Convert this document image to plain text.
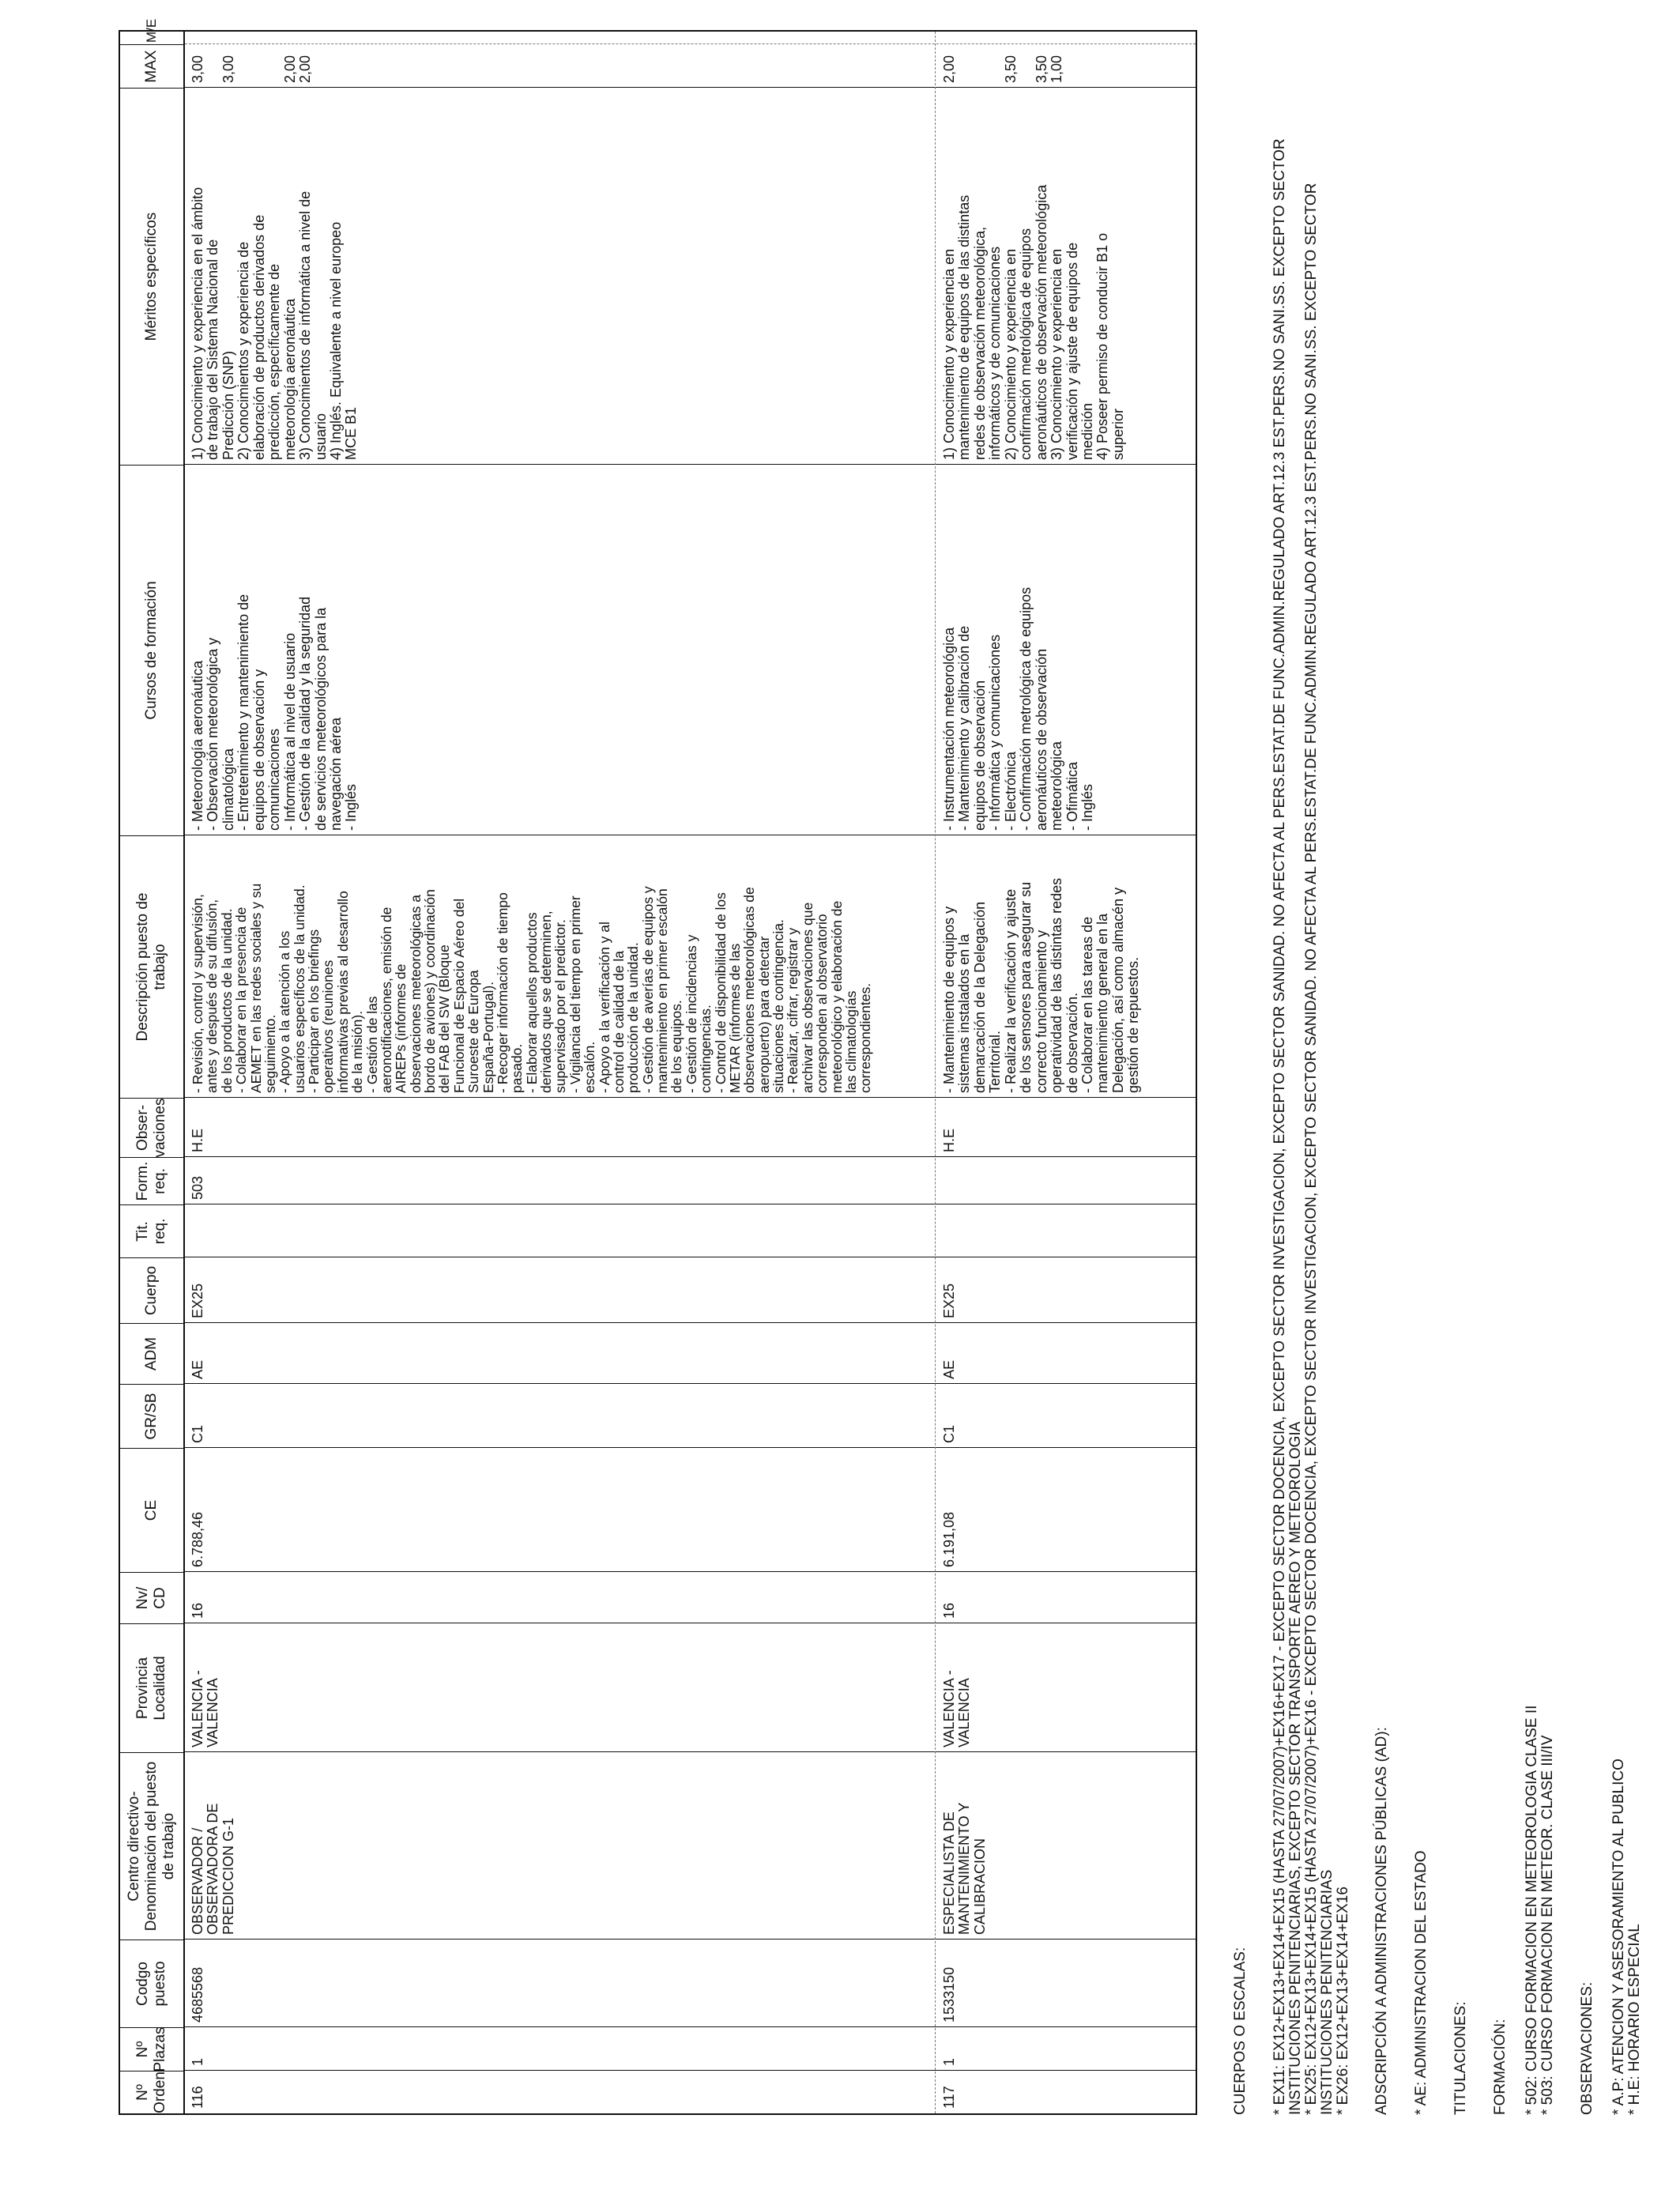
Nº
Orden
Nº
Plazas
Codgo
puesto
Centro directivo-
Denominación del puesto
de trabajo
Provincia
Localidad
Nv/
CD
CE
GR/SB
ADM
Cuerpo
Tit.
req.
Form.
req.
Obser-
vaciones
Descripción puesto de
trabajo
Cursos de formación
Méritos específicos
MAX
M/E
116
1
4685568
OBSERVADOR /
OBSERVADORA DE
PREDICCION G-1
VALENCIA -
VALENCIA
16
6.788,46
C1
AE
EX25
503
H.E
- Revisión, control y supervisión,
antes y después de su difusión,
de los productos de la unidad.
- Colaborar en la presencia de
AEMET en las redes sociales y su
seguimiento.
- Apoyo a la atención a los
usuarios específicos de la unidad.
- Participar en los briefings
operativos (reuniones
informativas previas al desarrollo
de la misión).
- Gestión de las
aeronotificaciones, emisión de
AIREPs (informes de
observaciones meteorológicas a
bordo de aviones) y coordinación
del FAB del SW (Bloque
Funcional de Espacio Aéreo del
Suroeste de Europa
España-Portugal).
- Recoger información de tiempo
pasado.
- Elaborar aquellos productos
derivados que se determinen,
supervisado por el predictor.
- Vigilancia del tiempo en primer
escalón.
- Apoyo a la verificación y al
control de calidad de la
producción de la unidad.
- Gestión de averías de equipos y
mantenimiento en primer escalón
de los equipos.
- Gestión de incidencias y
contingencias.
- Control de disponibilidad de los
METAR (informes de las
observaciones meteorológicas de
aeropuerto) para detectar
situaciones de contingencia.
- Realizar, cifrar, registrar y
archivar las observaciones que
corresponden al observatorio
meteorológico y elaboración de
las climatologías
correspondientes.
- Meteorología aeronáutica
- Observación meteorológica y
climatológica
- Entretenimiento y mantenimiento de
equipos de observación y
comunicaciones
- Informática al nivel de usuario
- Gestión de la calidad y la seguridad
de servicios meteorológicos para la
navegación aérea
- Inglés
1) Conocimiento y experiencia en el ámbito
de trabajo del Sistema Nacional de
Predicción (SNP)
2) Conocimientos y experiencia de
elaboración de productos derivados de
predicción, específicamente de
meteorología aeronáutica
3) Conocimientos de informática a nivel de
usuario
4) Inglés. Equivalente a nivel europeo
MCE B1
3,00

3,00

2,00
2,00
117
1
1533150
ESPECIALISTA DE
MANTENIMIENTO Y
CALIBRACION
VALENCIA -
VALENCIA
16
6.191,08
C1
AE
EX25
H.E
- Mantenimiento de equipos y
sistemas instalados en la
demarcación de la Delegación
Territorial.
- Realizar la verificación y ajuste
de los sensores para asegurar su
correcto funcionamiento y
operatividad de las distintas redes
de observación.
- Colaborar en las tareas de
mantenimiento general en la
Delegación, así como almacén y
gestión de repuestos.
- Instrumentación meteorológica
- Mantenimiento y calibración de
equipos de observación
- Informática y comunicaciones
- Electrónica
- Confirmación metrológica de equipos
aeronáuticos de observación
meteorológica
- Ofimática
- Inglés
1) Conocimiento y experiencia en
mantenimiento de equipos de las distintas
redes de observación meteorológica,
informáticos y de comunicaciones
2) Conocimiento y experiencia en
confirmación metrológica de equipos
aeronáuticos de observación meteorológica
3) Conocimiento y experiencia en
verificación y ajuste de equipos de
medición
4) Poseer permiso de conducir B1 o
superior
2,00

3,50

3,50
1,00

CUERPOS O ESCALAS: * EX11: EX12+EX13+EX14+EX15 (HASTA 27/07/2007)+EX16+EX17 - EXCEPTO SECTOR DOCENCIA, EXCEPTO SECTOR INVESTIGACION, EXCEPTO SECTOR SANIDAD. NO AFECTA AL PERS.ESTAT.DE FUNC.ADMIN.REGULADO ART.12.3 EST.PERS.NO SANI.SS. EXCEPTO SECTOR
INSTITUCIONES PENITENCIARIAS, EXCEPTO SECTOR TRANSPORTE AEREO Y METEOROLOGIA
* EX25: EX12+EX13+EX14+EX15 (HASTA 27/07/2007)+EX16 - EXCEPTO SECTOR DOCENCIA, EXCEPTO SECTOR INVESTIGACION, EXCEPTO SECTOR SANIDAD. NO AFECTA AL PERS.ESTAT.DE FUNC.ADMIN.REGULADO ART.12.3 EST.PERS.NO SANI.SS. EXCEPTO SECTOR
INSTITUCIONES PENITENCIARIAS
* EX26: EX12+EX13+EX14+EX16 ADSCRIPCIÓN A ADMINISTRACIONES PÚBLICAS (AD): * AE: ADMINISTRACION DEL ESTADO TITULACIONES: FORMACIÓN: * 502: CURSO FORMACION EN METEOROLOGIA CLASE II
* 503: CURSO FORMACION EN METEOR. CLASE III/IV

OBSERVACIONES: * A.P: ATENCION Y ASESORAMIENTO AL PUBLICO
* H.E: HORARIO ESPECIAL
